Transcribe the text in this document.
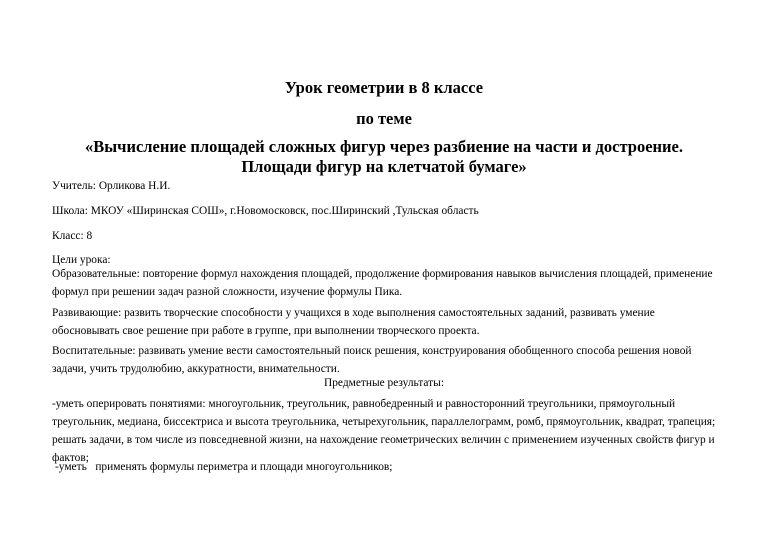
Урок геометрии в 8 классе

по теме

«Вычисление площадей сложных фигур через разбиение на части и достроение.

Площади фигур на клетчатой бумаге»

Учитель: Орликова Н.И.

Школа: МКОУ «Ширинская СОШ», г.Новомосковск, пос.Ширинский ,Тульская область

Класс: 8

Цели урока:

Образовательные: повторение формул нахождения площадей, продолжение формирования навыков вычисления площадей, применение формул при решении задач разной сложности, изучение формулы Пика.

Развивающие: развить творческие способности у учащихся в ходе выполнения самостоятельных заданий, развивать умение обосновывать свое решение при работе в группе, при выполнении творческого проекта.

Воспитательные: развивать умение вести самостоятельный поиск решения, конструирования обобщенного способа решения новой задачи, учить трудолюбию, аккуратности, внимательности.

Предметные результаты:

-уметь оперировать понятиями: многоугольник, треугольник, равнобедренный и равносторонний треугольники, прямоугольный треугольник, медиана, биссектриса и высота треугольника, четырехугольник, параллелограмм, ромб, прямоугольник, квадрат, трапеция; решать задачи, в том числе из повседневной жизни, на нахождение геометрических величин с применением изученных свойств фигур и фактов;

-уметь   применять формулы периметра и площади многоугольников;
